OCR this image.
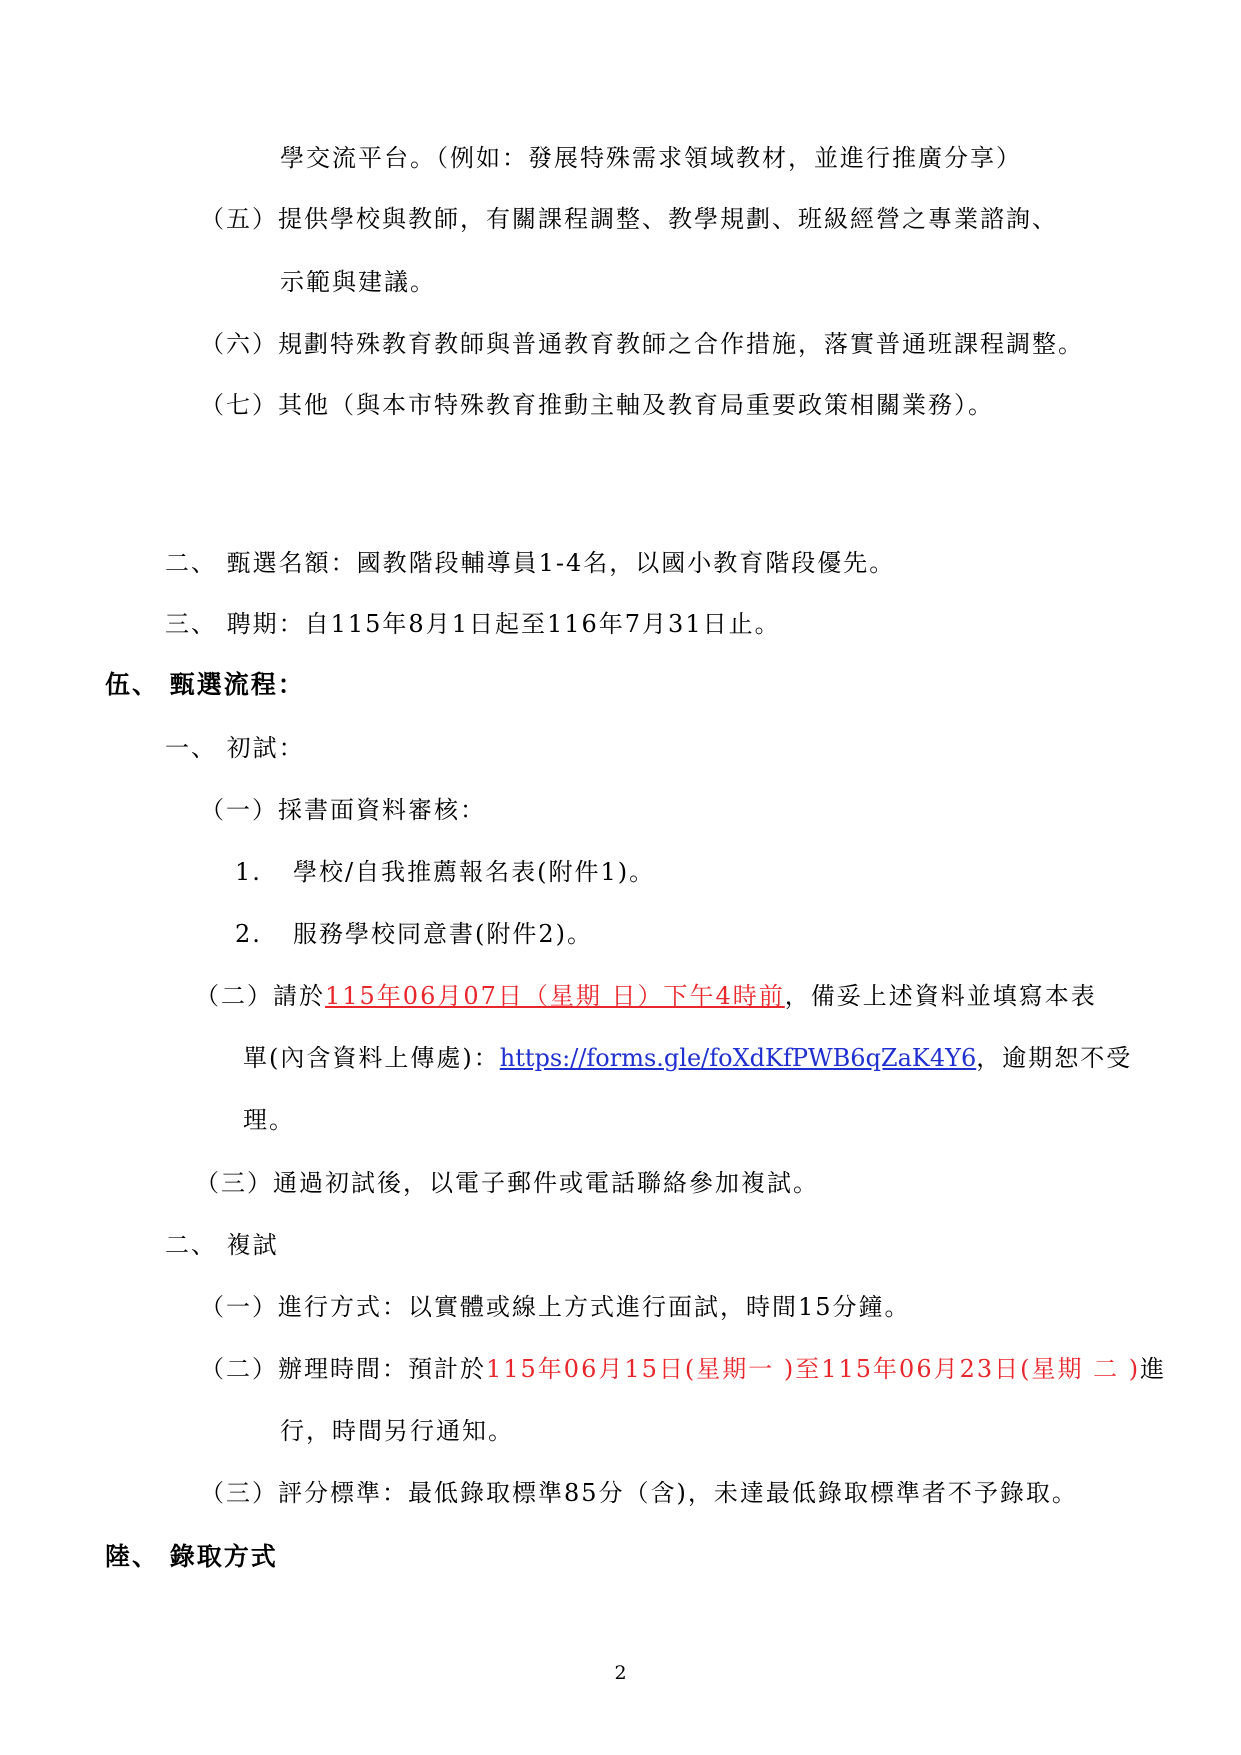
學交流平台。（例如：發展特殊需求領域教材，並進行推廣分享）
（五）提供學校與教師，有關課程調整、教學規劃、班級經營之專業諮詢、
示範與建議。
（六）規劃特殊教育教師與普通教育教師之合作措施，落實普通班課程調整。
（七）其他（與本市特殊教育推動主軸及教育局重要政策相關業務）。
二、 甄選名額：國教階段輔導員1-4名，以國小教育階段優先。
三、 聘期：自115年8月1日起至116年7月31日止。
伍、 甄選流程：
一、 初試：
（一）採書面資料審核：
1. 學校/自我推薦報名表(附件1)。
2. 服務學校同意書(附件2)。
（二）請於115年06月07日（星期 日）下午4時前，備妥上述資料並填寫本表
單(內含資料上傳處)：https://forms.gle/foXdKfPWB6qZaK4Y6，逾期恕不受
理。
（三）通過初試後，以電子郵件或電話聯絡參加複試。
二、 複試
（一）進行方式：以實體或線上方式進行面試，時間15分鐘。
（二）辦理時間：預計於115年06月15日(星期一 )至115年06月23日(星期 二 )進
行，時間另行通知。
（三）評分標準：最低錄取標準85分（含)，未達最低錄取標準者不予錄取。
陸、 錄取方式
2
